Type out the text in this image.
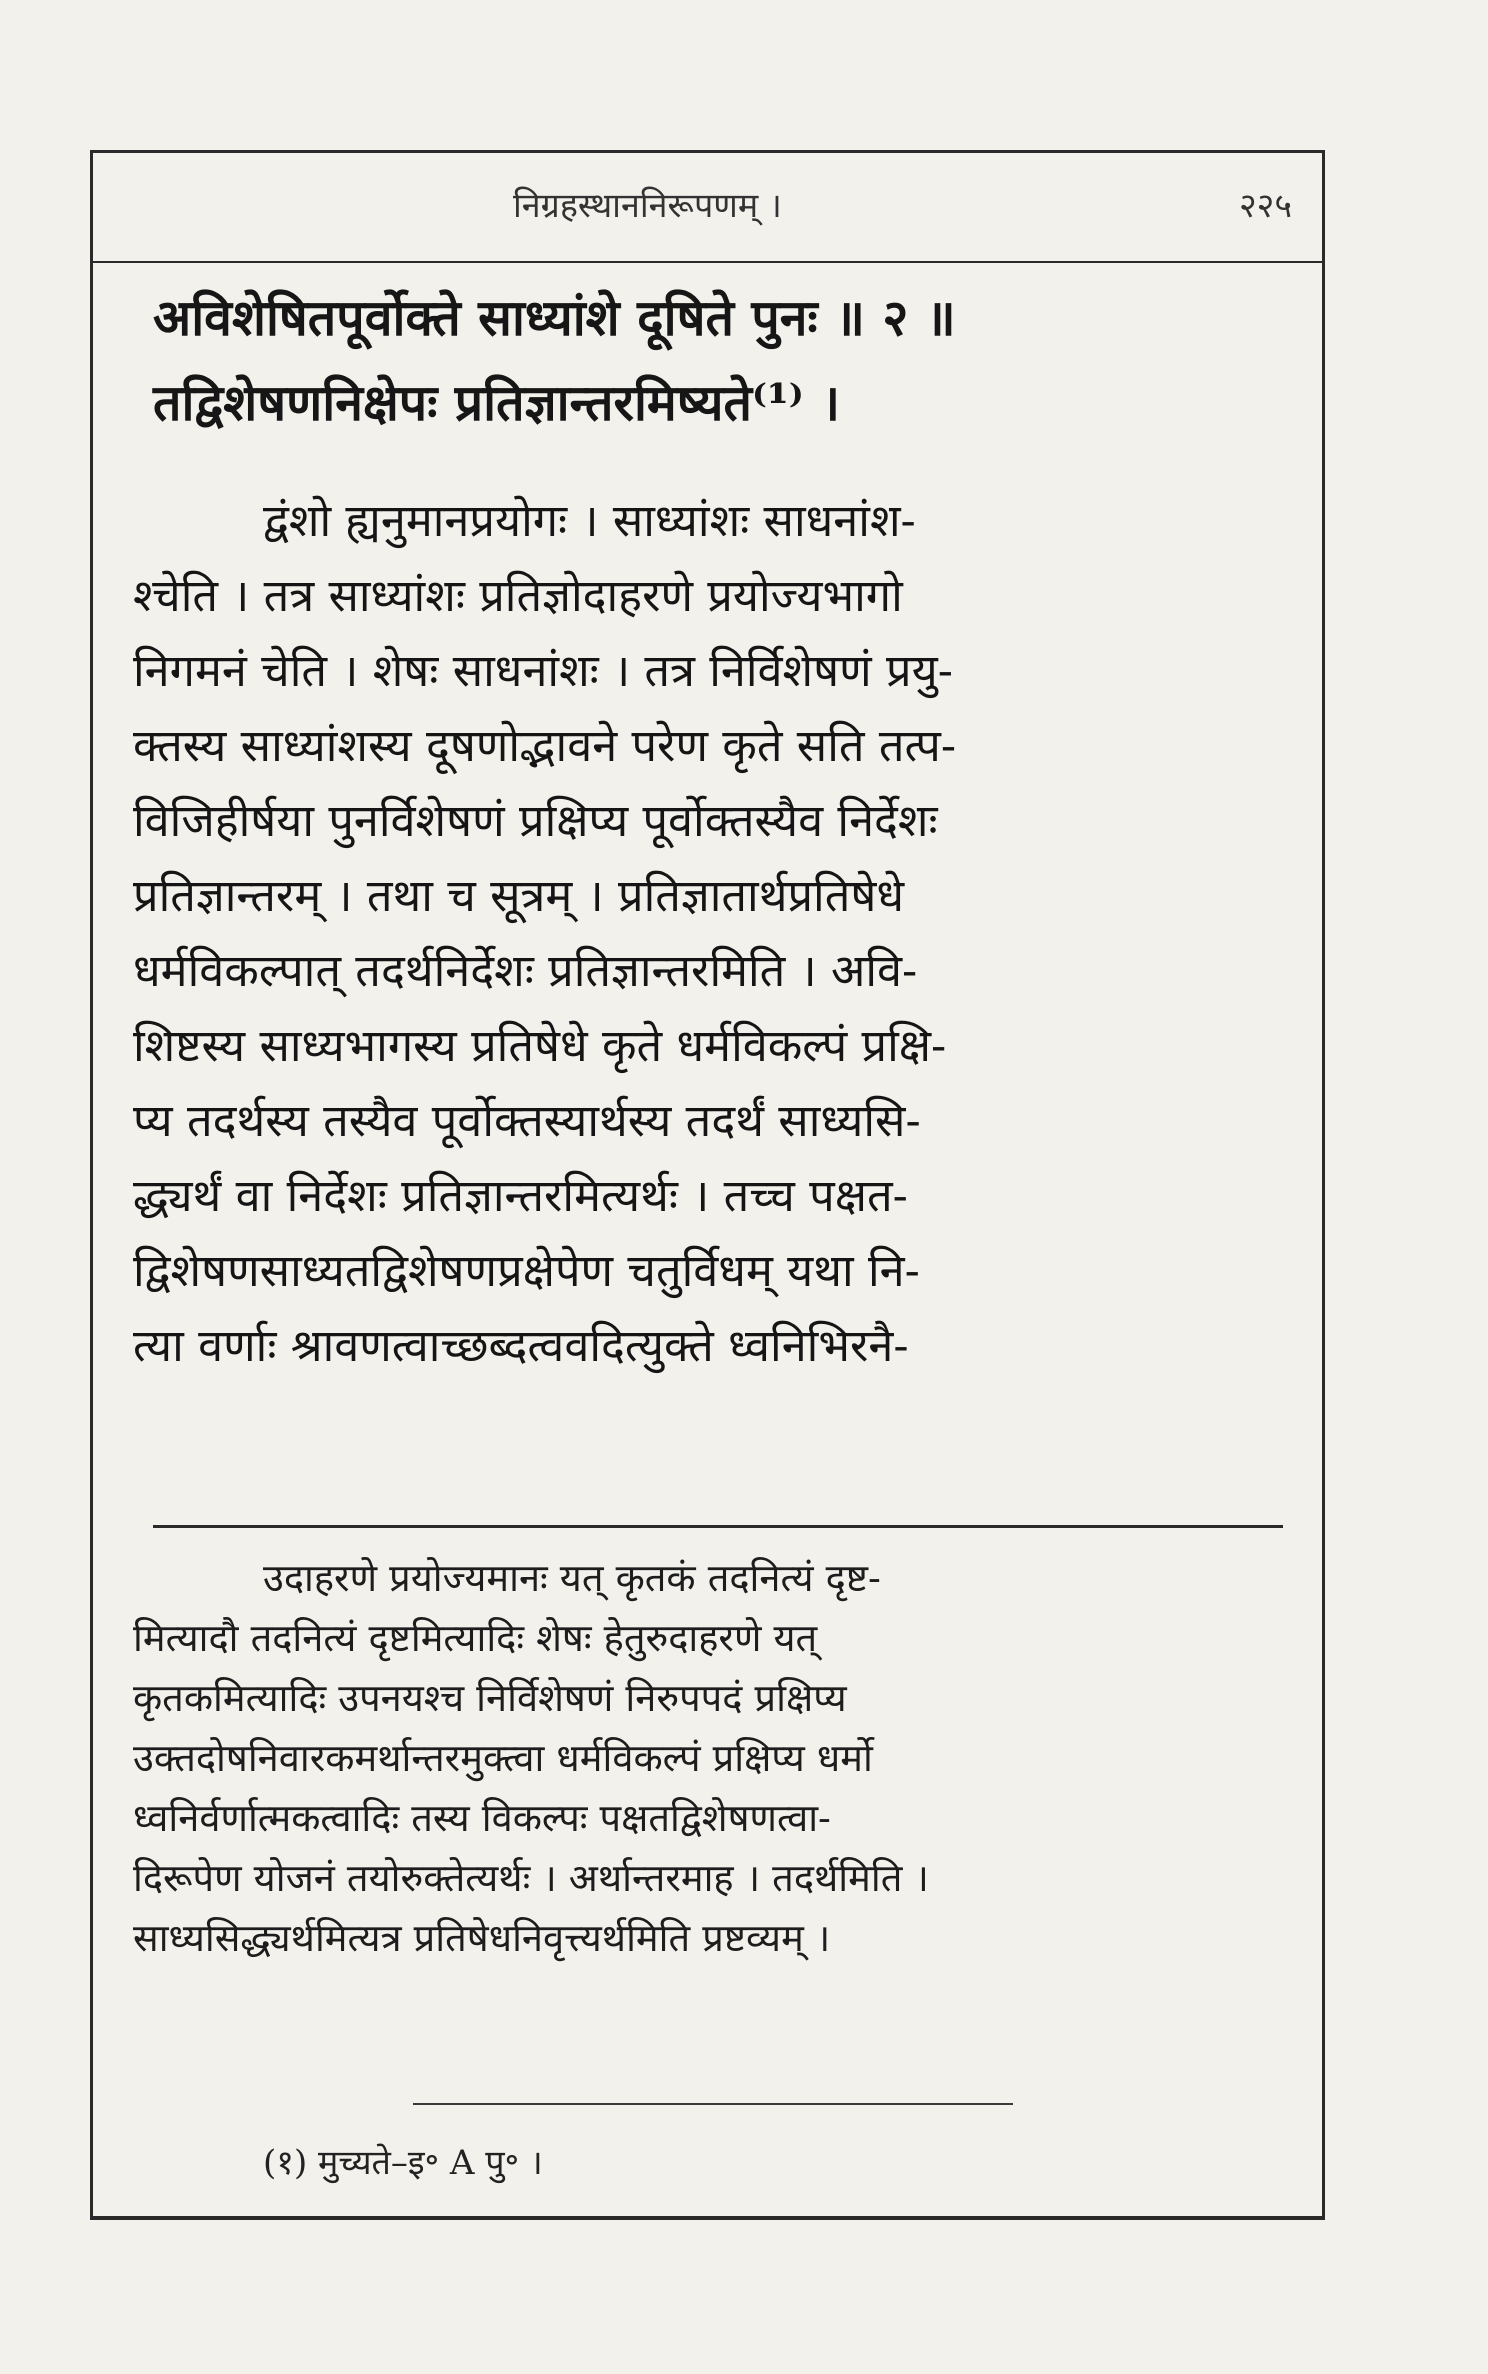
निग्रहस्थाननिरूपणम् ।	२२५
अविशेषितपूर्वोक्ते साध्यांशे दूषिते पुनः ॥ २ ॥
तद्विशेषणनिक्षेपः प्रतिज्ञान्तरमिष्यते⁽¹⁾ ।
द्वंशो ह्यनुमानप्रयोगः । साध्यांशः साधनांश-
श्चेति । तत्र साध्यांशः प्रतिज्ञोदाहरणे प्रयोज्यभागो
निगमनं चेति । शेषः साधनांशः । तत्र निर्विशेषणं प्रयु-
क्तस्य साध्यांशस्य दूषणोद्भावने परेण कृते सति तत्प-
विजिहीर्षया पुनर्विशेषणं प्रक्षिप्य पूर्वोक्तस्यैव निर्देशः
प्रतिज्ञान्तरम् । तथा च सूत्रम् । प्रतिज्ञातार्थप्रतिषेधे
धर्मविकल्पात् तदर्थनिर्देशः प्रतिज्ञान्तरमिति । अवि-
शिष्टस्य साध्यभागस्य प्रतिषेधे कृते धर्मविकल्पं प्रक्षि-
प्य तदर्थस्य तस्यैव पूर्वोक्तस्यार्थस्य तदर्थं साध्यसि-
द्ध्यर्थं वा निर्देशः प्रतिज्ञान्तरमित्यर्थः । तच्च पक्षत-
द्विशेषणसाध्यतद्विशेषणप्रक्षेपेण चतुर्विधम् यथा नि-
त्या वर्णाः श्रावणत्वाच्छब्दत्ववदित्युक्ते ध्वनिभिरनै-
उदाहरणे प्रयोज्यमानः यत् कृतकं तदनित्यं दृष्ट-
मित्यादौ तदनित्यं दृष्टमित्यादिः शेषः हेतुरुदाहरणे यत्
कृतकमित्यादिः उपनयश्च निर्विशेषणं निरुपपदं प्रक्षिप्य
उक्तदोषनिवारकमर्थान्तरमुक्त्वा धर्मविकल्पं प्रक्षिप्य धर्मो
ध्वनिर्वर्णात्मकत्वादिः तस्य विकल्पः पक्षतद्विशेषणत्वा-
दिरूपेण योजनं तयोरुक्तेत्यर्थः । अर्थान्तरमाह । तदर्थमिति ।
साध्यसिद्ध्यर्थमित्यत्र प्रतिषेधनिवृत्त्यर्थमिति प्रष्टव्यम् ।
(१) मुच्यते–इ॰ A पु॰ ।
